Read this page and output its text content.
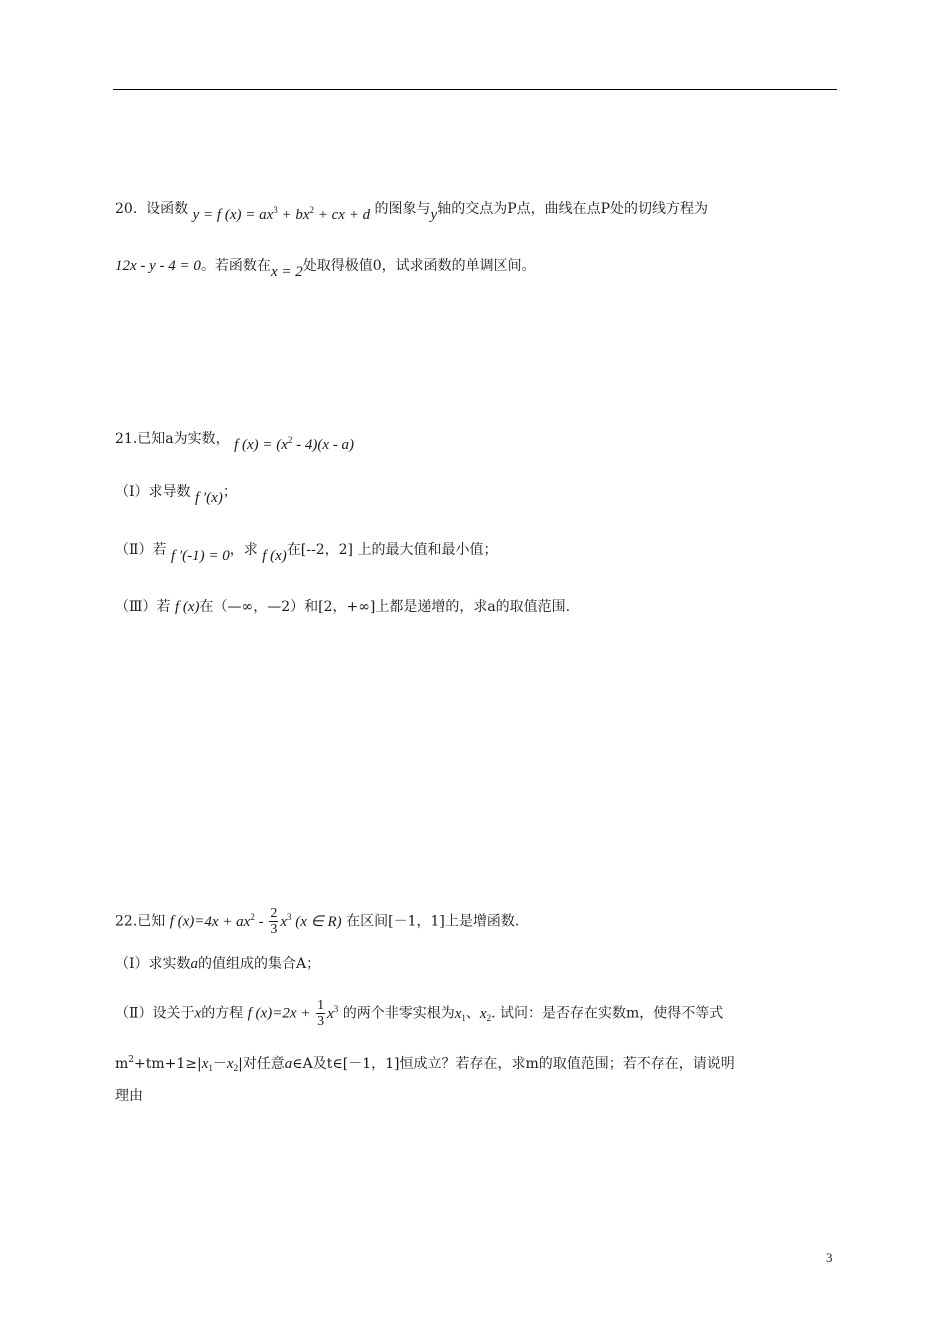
20. 设函数 y = f $(x) = ax^3 + bx^2$ + cx + d 的图象与y轴的交点为P点，曲线在点P处的切线方程为
12x - y - 4 = 0。若函数在x = 2处取得极值0，试求函数的单调区间。
21.已知a为实数， f $(x) = (x^2 - 4)(x - a)$
（Ⅰ）求导数 f ′(x)；
（Ⅱ）若 f ′(-1) = 0，求 f (x)在[--2，2] 上的最大值和最小值；
（Ⅲ）若 f (x)在（—∞，—2）和[2，+∞]上都是递增的，求a的取值范围.
22.已知 f $(x)=4x + ax^2 - \frac{2}{3} x^3$ (x ∈ R) 在区间[－1，1]上是增函数.
（Ⅰ）求实数a的值组成的集合A；
（Ⅱ）设关于x的方程 f $(x)=2x + \frac{1}{3} x^3$ 的两个非零实根为$x_1$、$x_2$. 试问：是否存在实数m，使得不等式
$m^2+tm+1\ge|x_1-x_2|$对任意a∈A及t∈[－1，1]恒成立？若存在，求m的取值范围；若不存在，请说明
理由
3
